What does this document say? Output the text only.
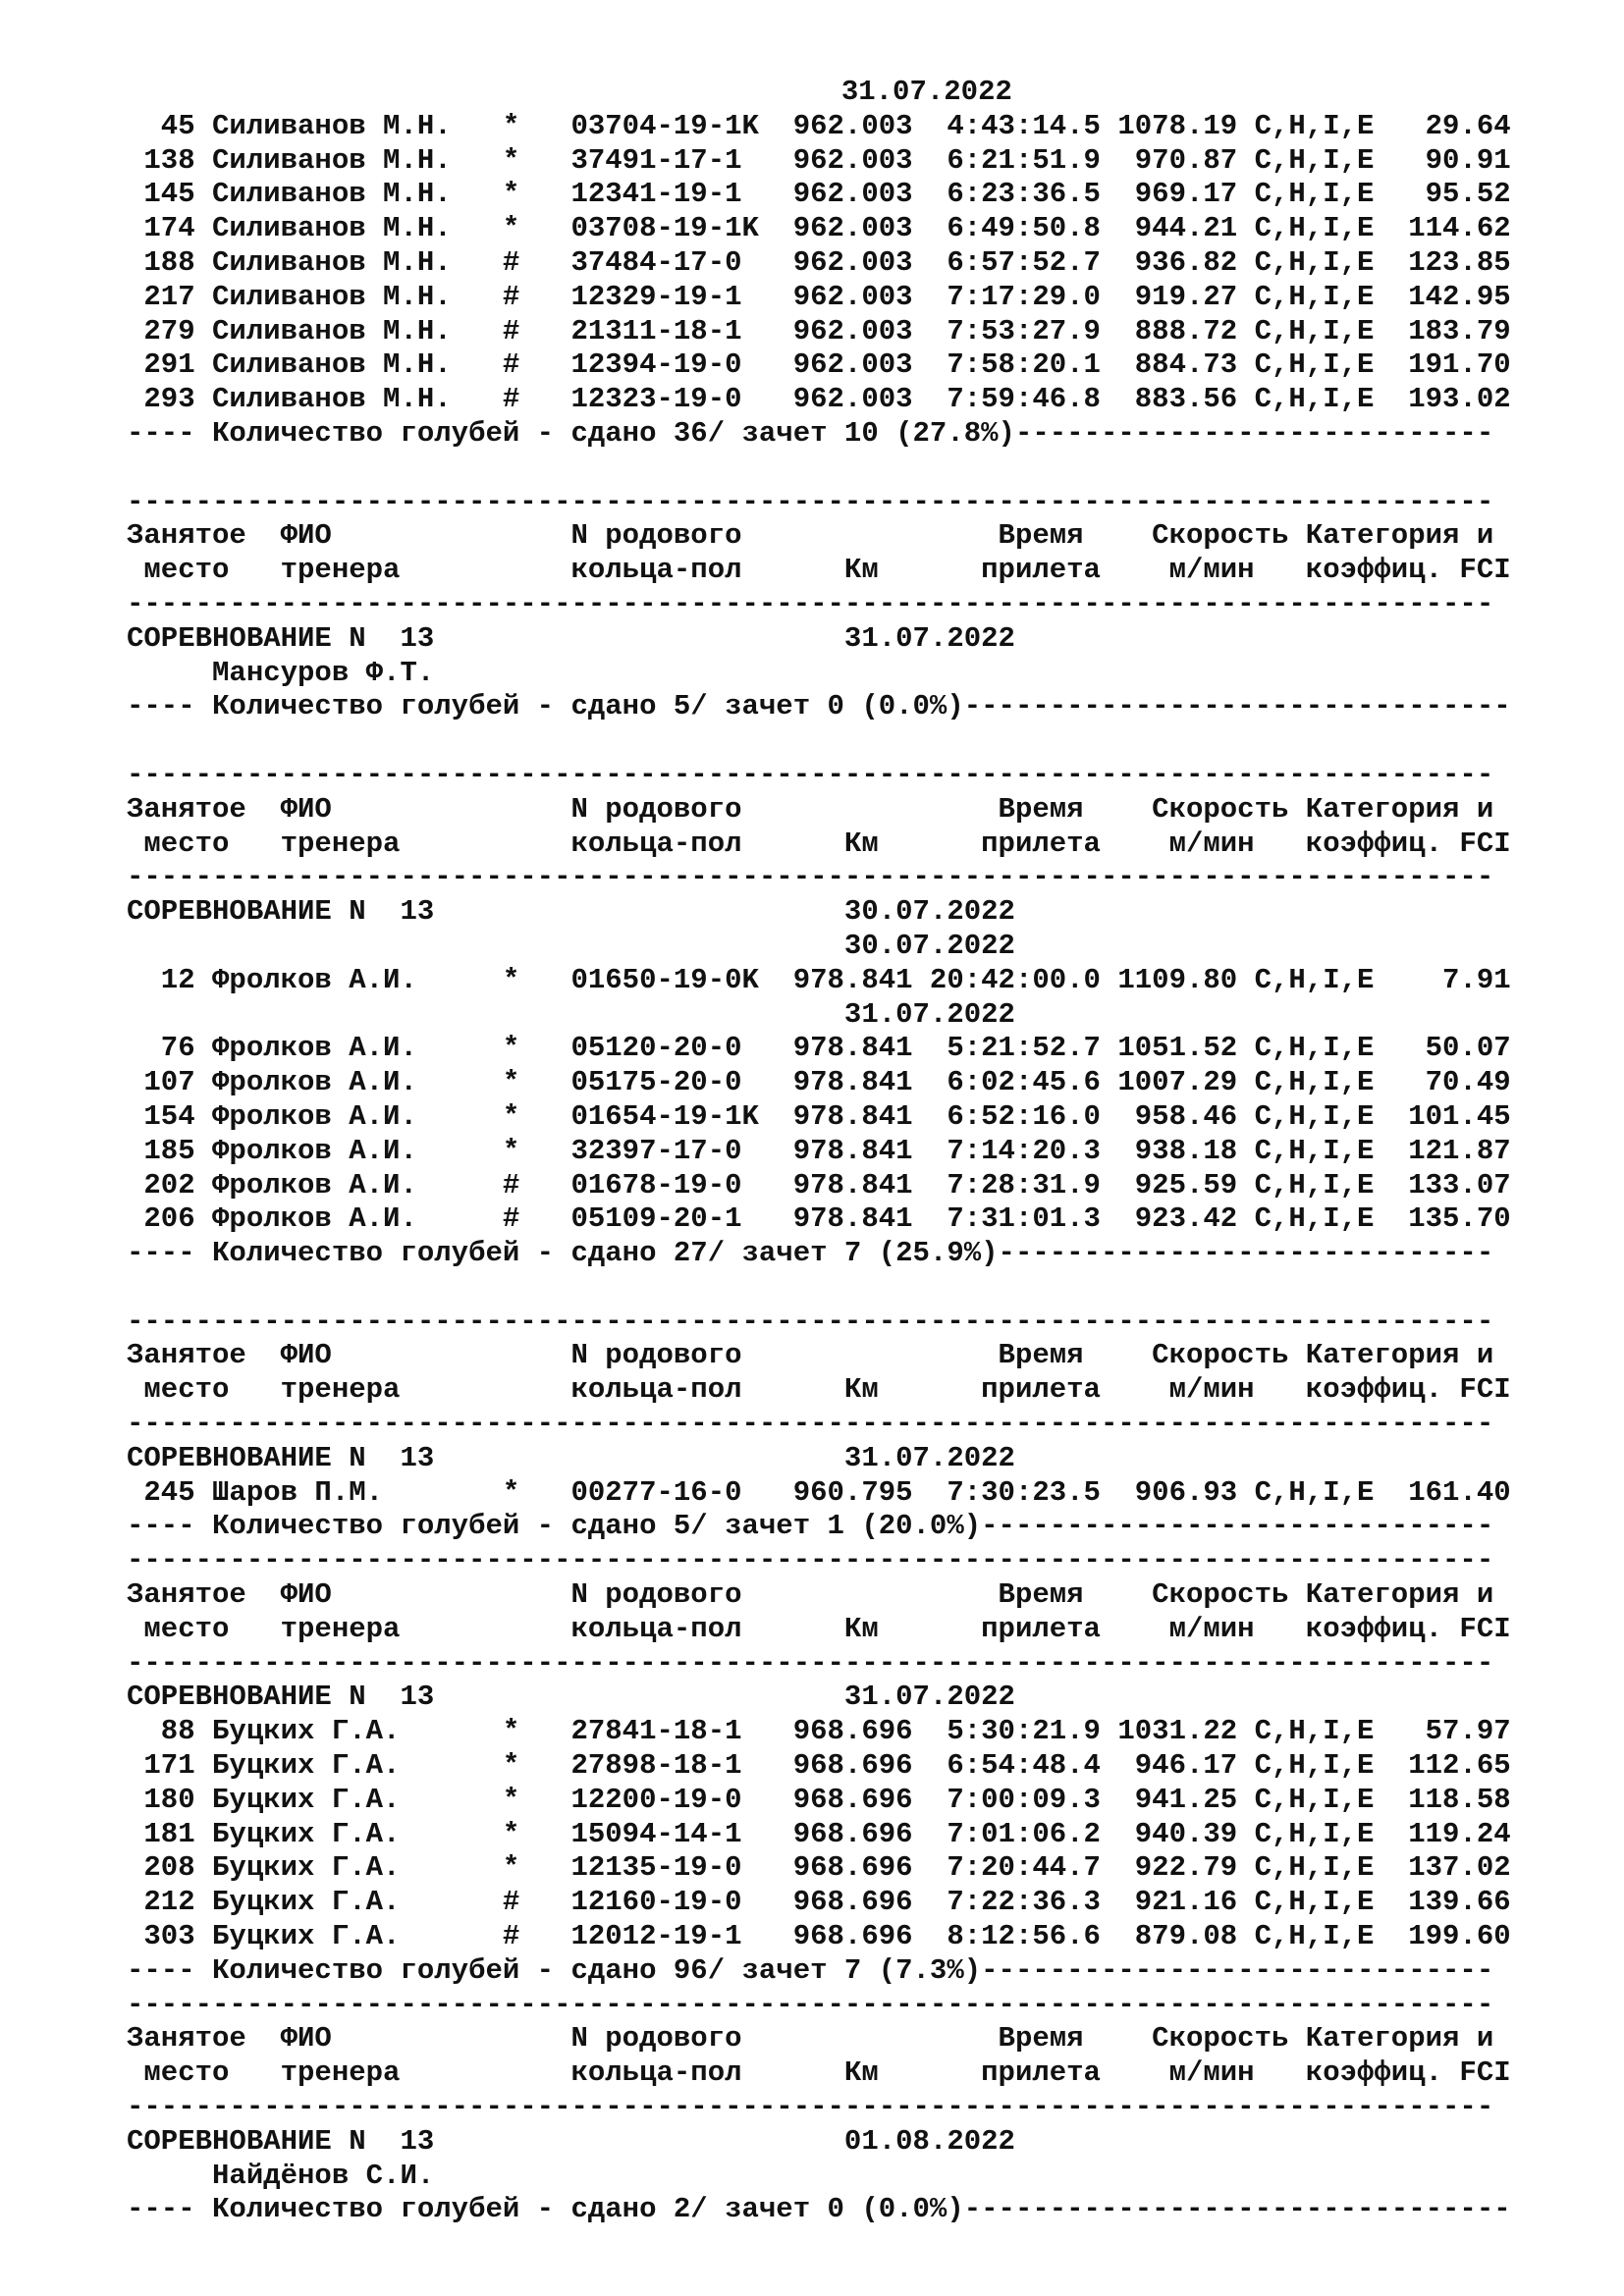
31.07.2022
45 Силиванов М.Н.   *   03704-19-1K  962.003  4:43:14.5 1078.19 C,H,I,E   29.64
138 Силиванов М.Н.   *   37491-17-1   962.003  6:21:51.9  970.87 C,H,I,E   90.91
145 Силиванов М.Н.   *   12341-19-1   962.003  6:23:36.5  969.17 C,H,I,E   95.52
174 Силиванов М.Н.   *   03708-19-1K  962.003  6:49:50.8  944.21 C,H,I,E  114.62
188 Силиванов М.Н.   #   37484-17-0   962.003  6:57:52.7  936.82 C,H,I,E  123.85
217 Силиванов М.Н.   #   12329-19-1   962.003  7:17:29.0  919.27 C,H,I,E  142.95
279 Силиванов М.Н.   #   21311-18-1   962.003  7:53:27.9  888.72 C,H,I,E  183.79
291 Силиванов М.Н.   #   12394-19-0   962.003  7:58:20.1  884.73 C,H,I,E  191.70
293 Силиванов М.Н.   #   12323-19-0   962.003  7:59:46.8  883.56 C,H,I,E  193.02
---- Количество голубей - сдано 36/ зачет 10 (27.8%)----------------------------
--------------------------------------------------------------------------------
Занятое  ФИО              N родового               Время    Скорость Категория и
место   тренера          кольца-пол      Км      прилета    м/мин   коэффиц. FCI
--------------------------------------------------------------------------------
СОРЕВНОВАНИЕ N  13                        31.07.2022
Мансуров Ф.Т.
---- Количество голубей - сдано 5/ зачет 0 (0.0%)--------------------------------
--------------------------------------------------------------------------------
Занятое  ФИО              N родового               Время    Скорость Категория и
место   тренера          кольца-пол      Км      прилета    м/мин   коэффиц. FCI
--------------------------------------------------------------------------------
СОРЕВНОВАНИЕ N  13                        30.07.2022
30.07.2022
12 Фролков А.И.     *   01650-19-0K  978.841 20:42:00.0 1109.80 C,H,I,E    7.91
31.07.2022
76 Фролков А.И.     *   05120-20-0   978.841  5:21:52.7 1051.52 C,H,I,E   50.07
107 Фролков А.И.     *   05175-20-0   978.841  6:02:45.6 1007.29 C,H,I,E   70.49
154 Фролков А.И.     *   01654-19-1K  978.841  6:52:16.0  958.46 C,H,I,E  101.45
185 Фролков А.И.     *   32397-17-0   978.841  7:14:20.3  938.18 C,H,I,E  121.87
202 Фролков А.И.     #   01678-19-0   978.841  7:28:31.9  925.59 C,H,I,E  133.07
206 Фролков А.И.     #   05109-20-1   978.841  7:31:01.3  923.42 C,H,I,E  135.70
---- Количество голубей - сдано 27/ зачет 7 (25.9%)-----------------------------
--------------------------------------------------------------------------------
Занятое  ФИО              N родового               Время    Скорость Категория и
место   тренера          кольца-пол      Км      прилета    м/мин   коэффиц. FCI
--------------------------------------------------------------------------------
СОРЕВНОВАНИЕ N  13                        31.07.2022
245 Шаров П.М.       *   00277-16-0   960.795  7:30:23.5  906.93 C,H,I,E  161.40
---- Количество голубей - сдано 5/ зачет 1 (20.0%)------------------------------
--------------------------------------------------------------------------------
Занятое  ФИО              N родового               Время    Скорость Категория и
место   тренера          кольца-пол      Км      прилета    м/мин   коэффиц. FCI
--------------------------------------------------------------------------------
СОРЕВНОВАНИЕ N  13                        31.07.2022
88 Буцких Г.А.      *   27841-18-1   968.696  5:30:21.9 1031.22 C,H,I,E   57.97
171 Буцких Г.А.      *   27898-18-1   968.696  6:54:48.4  946.17 C,H,I,E  112.65
180 Буцких Г.А.      *   12200-19-0   968.696  7:00:09.3  941.25 C,H,I,E  118.58
181 Буцких Г.А.      *   15094-14-1   968.696  7:01:06.2  940.39 C,H,I,E  119.24
208 Буцких Г.А.      *   12135-19-0   968.696  7:20:44.7  922.79 C,H,I,E  137.02
212 Буцких Г.А.      #   12160-19-0   968.696  7:22:36.3  921.16 C,H,I,E  139.66
303 Буцких Г.А.      #   12012-19-1   968.696  8:12:56.6  879.08 C,H,I,E  199.60
---- Количество голубей - сдано 96/ зачет 7 (7.3%)------------------------------
--------------------------------------------------------------------------------
Занятое  ФИО              N родового               Время    Скорость Категория и
место   тренера          кольца-пол      Км      прилета    м/мин   коэффиц. FCI
--------------------------------------------------------------------------------
СОРЕВНОВАНИЕ N  13                        01.08.2022
Найдёнов С.И.
---- Количество голубей - сдано 2/ зачет 0 (0.0%)--------------------------------
